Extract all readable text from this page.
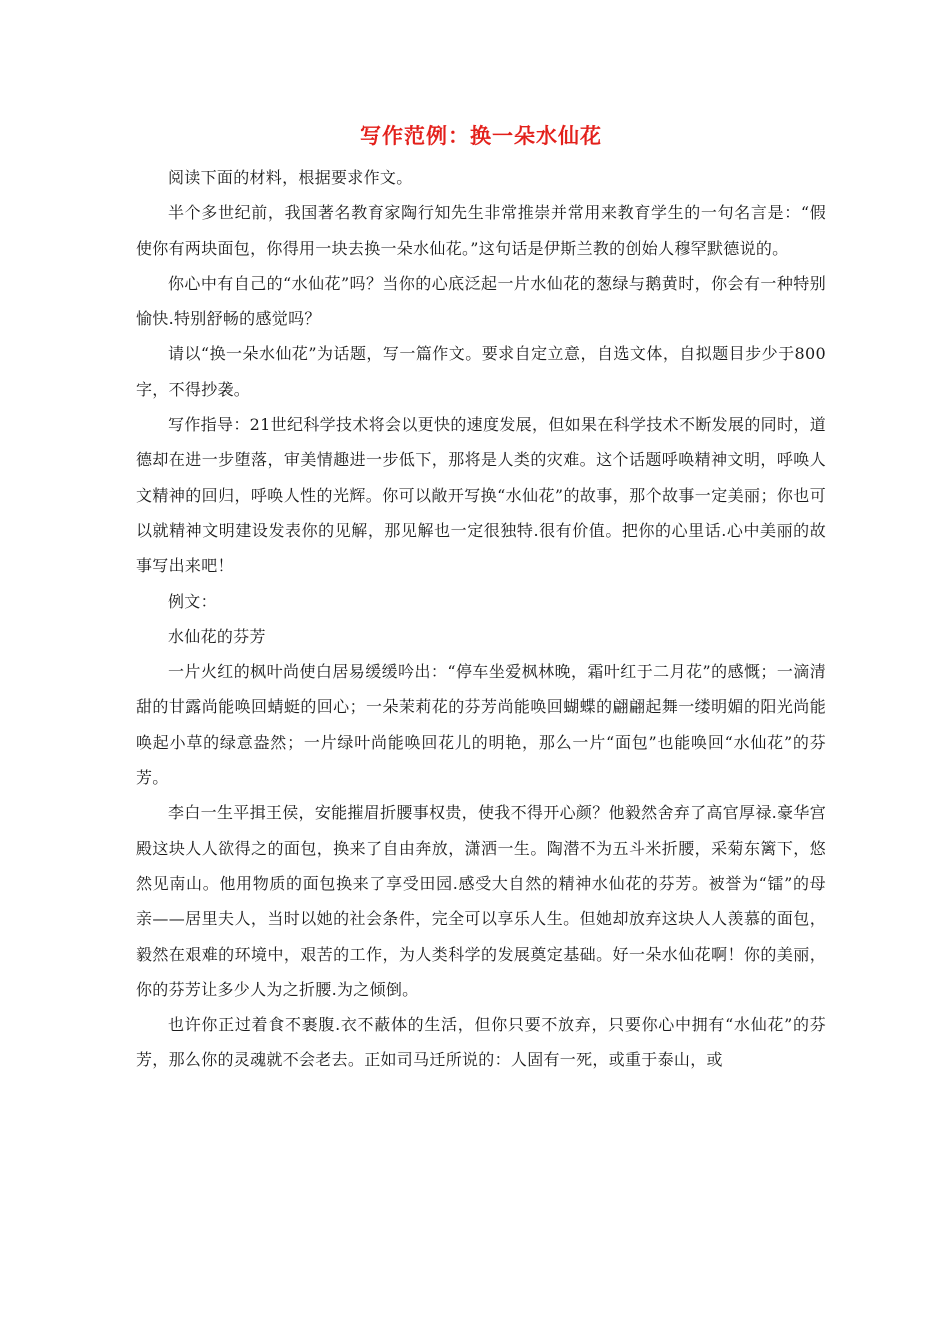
写作范例：换一朵水仙花

阅读下面的材料，根据要求作文。

半个多世纪前，我国著名教育家陶行知先生非常推崇并常用来教育学生的一句名言是：“假使你有两块面包，你得用一块去换一朵水仙花。”这句话是伊斯兰教的创始人穆罕默德说的。

你心中有自己的“水仙花”吗？当你的心底泛起一片水仙花的葱绿与鹅黄时，你会有一种特别愉快.特别舒畅的感觉吗？

请以“换一朵水仙花”为话题，写一篇作文。要求自定立意，自选文体，自拟题目步少于800字，不得抄袭。

写作指导：21世纪科学技术将会以更快的速度发展，但如果在科学技术不断发展的同时，道德却在进一步堕落，审美情趣进一步低下，那将是人类的灾难。这个话题呼唤精神文明，呼唤人文精神的回归，呼唤人性的光辉。你可以敞开写换“水仙花”的故事，那个故事一定美丽；你也可以就精神文明建设发表你的见解，那见解也一定很独特.很有价值。把你的心里话.心中美丽的故事写出来吧！

例文：

水仙花的芬芳

一片火红的枫叶尚使白居易缓缓吟出：“停车坐爱枫林晚，霜叶红于二月花”的感慨；一滴清甜的甘露尚能唤回蜻蜓的回心；一朵茉莉花的芬芳尚能唤回蝴蝶的翩翩起舞一缕明媚的阳光尚能唤起小草的绿意盎然；一片绿叶尚能唤回花儿的明艳，那么一片“面包”也能唤回“水仙花”的芬芳。

李白一生平揖王侯，安能摧眉折腰事权贵，使我不得开心颜？他毅然舍弃了高官厚禄.豪华宫殿这块人人欲得之的面包，换来了自由奔放，潇洒一生。陶潜不为五斗米折腰，采菊东篱下，悠然见南山。他用物质的面包换来了享受田园.感受大自然的精神水仙花的芬芳。被誉为“镭”的母亲——居里夫人，当时以她的社会条件，完全可以享乐人生。但她却放弃这块人人羡慕的面包，毅然在艰难的环境中，艰苦的工作，为人类科学的发展奠定基础。好一朵水仙花啊！你的美丽，你的芬芳让多少人为之折腰.为之倾倒。

也许你正过着食不裹腹.衣不蔽体的生活，但你只要不放弃，只要你心中拥有“水仙花”的芬芳，那么你的灵魂就不会老去。正如司马迁所说的：人固有一死，或重于泰山，或
